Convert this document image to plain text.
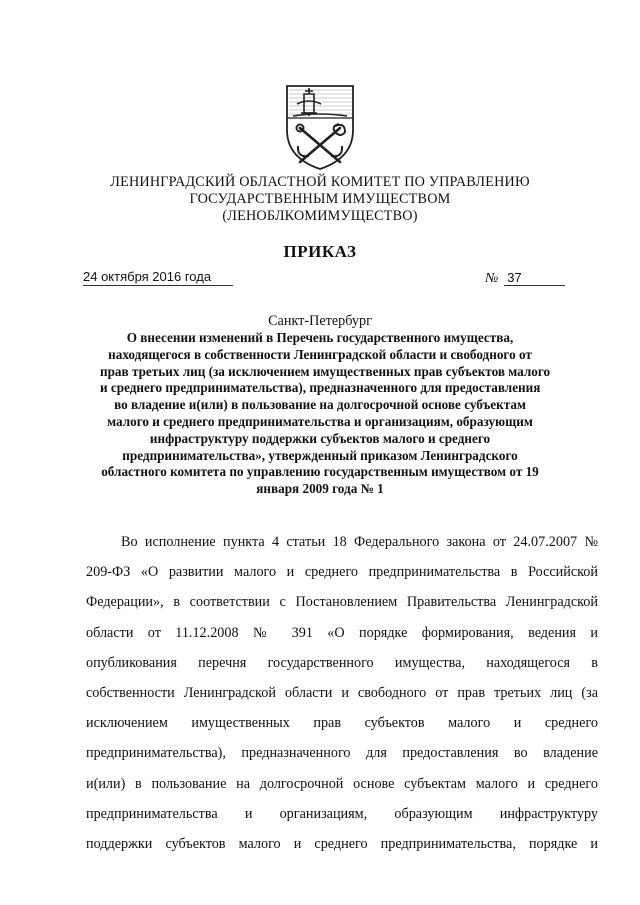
ЛЕНИНГРАДСКИЙ ОБЛАСТНОЙ КОМИТЕТ ПО УПРАВЛЕНИЮ
ГОСУДАРСТВЕННЫМ ИМУЩЕСТВОМ
(ЛЕНОБЛКОМИМУЩЕСТВО)
ПРИКАЗ
24 октября 2016 года	№ 37
Санкт-Петербург
О внесении изменений в Перечень государственного имущества,
находящегося в собственности Ленинградской области и свободного от
прав третьих лиц (за исключением имущественных прав субъектов малого
и среднего предпринимательства), предназначенного для предоставления
во владение и(или) в пользование на долгосрочной основе субъектам
малого и среднего предпринимательства и организациям, образующим
инфраструктуру поддержки субъектов малого и среднего
предпринимательства», утвержденный приказом Ленинградского
областного комитета по управлению государственным имуществом от 19
января 2009 года № 1
Во исполнение пункта 4 статьи 18 Федерального закона от 24.07.2007 №
209-ФЗ «О развитии малого и среднего предпринимательства в Российской
Федерации», в соответствии с Постановлением Правительства Ленинградской
области от 11.12.2008 № 391 «О порядке формирования, ведения и
опубликования перечня государственного имущества, находящегося в
собственности Ленинградской области и свободного от прав третьих лиц (за
исключением имущественных прав субъектов малого и среднего
предпринимательства), предназначенного для предоставления во владение
и(или) в пользование на долгосрочной основе субъектам малого и среднего
предпринимательства и организациям, образующим инфраструктуру
поддержки субъектов малого и среднего предпринимательства, порядке и
